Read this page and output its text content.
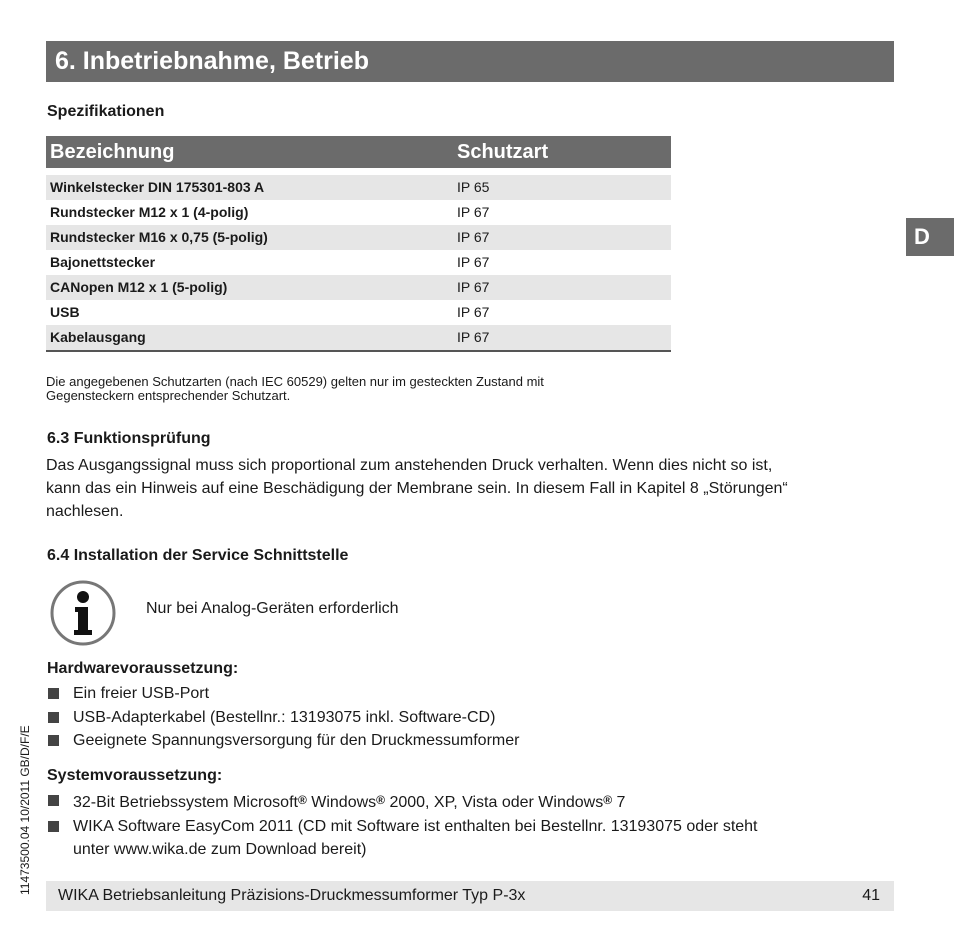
6. Inbetriebnahme, Betrieb
D
Spezifikationen
Bezeichnung	Schutzart
Winkelstecker DIN 175301-803 A	IP 65
Rundstecker M12 x 1 (4-polig)	IP 67
Rundstecker M16 x 0,75 (5-polig)	IP 67
Bajonettstecker	IP 67
CANopen M12 x 1 (5-polig)	IP 67
USB	IP 67
Kabelausgang	IP 67
Die angegebenen Schutzarten (nach IEC 60529) gelten nur im gesteckten Zustand mit
Gegensteckern entsprechender Schutzart.
6.3 Funktionsprüfung
Das Ausgangssignal muss sich proportional zum anstehenden Druck verhalten. Wenn dies nicht so ist,
kann das ein Hinweis auf eine Beschädigung der Membrane sein. In diesem Fall in Kapitel 8 „Störungen“
nachlesen.
6.4 Installation der Service Schnittstelle
Nur bei Analog-Geräten erforderlich
Hardwarevoraussetzung:
Ein freier USB-Port
USB-Adapterkabel (Bestellnr.: 13193075 inkl. Software-CD)
Geeignete Spannungsversorgung für den Druckmessumformer
Systemvoraussetzung:
32-Bit Betriebssystem Microsoft® Windows® 2000, XP, Vista oder Windows® 7
WIKA Software EasyCom 2011 (CD mit Software ist enthalten bei Bestellnr. 13193075 oder steht
unter www.wika.de zum Download bereit)
11473500.04 10/2011 GB/D/F/E
WIKA Betriebsanleitung Präzisions-Druckmessumformer Typ P-3x	41
